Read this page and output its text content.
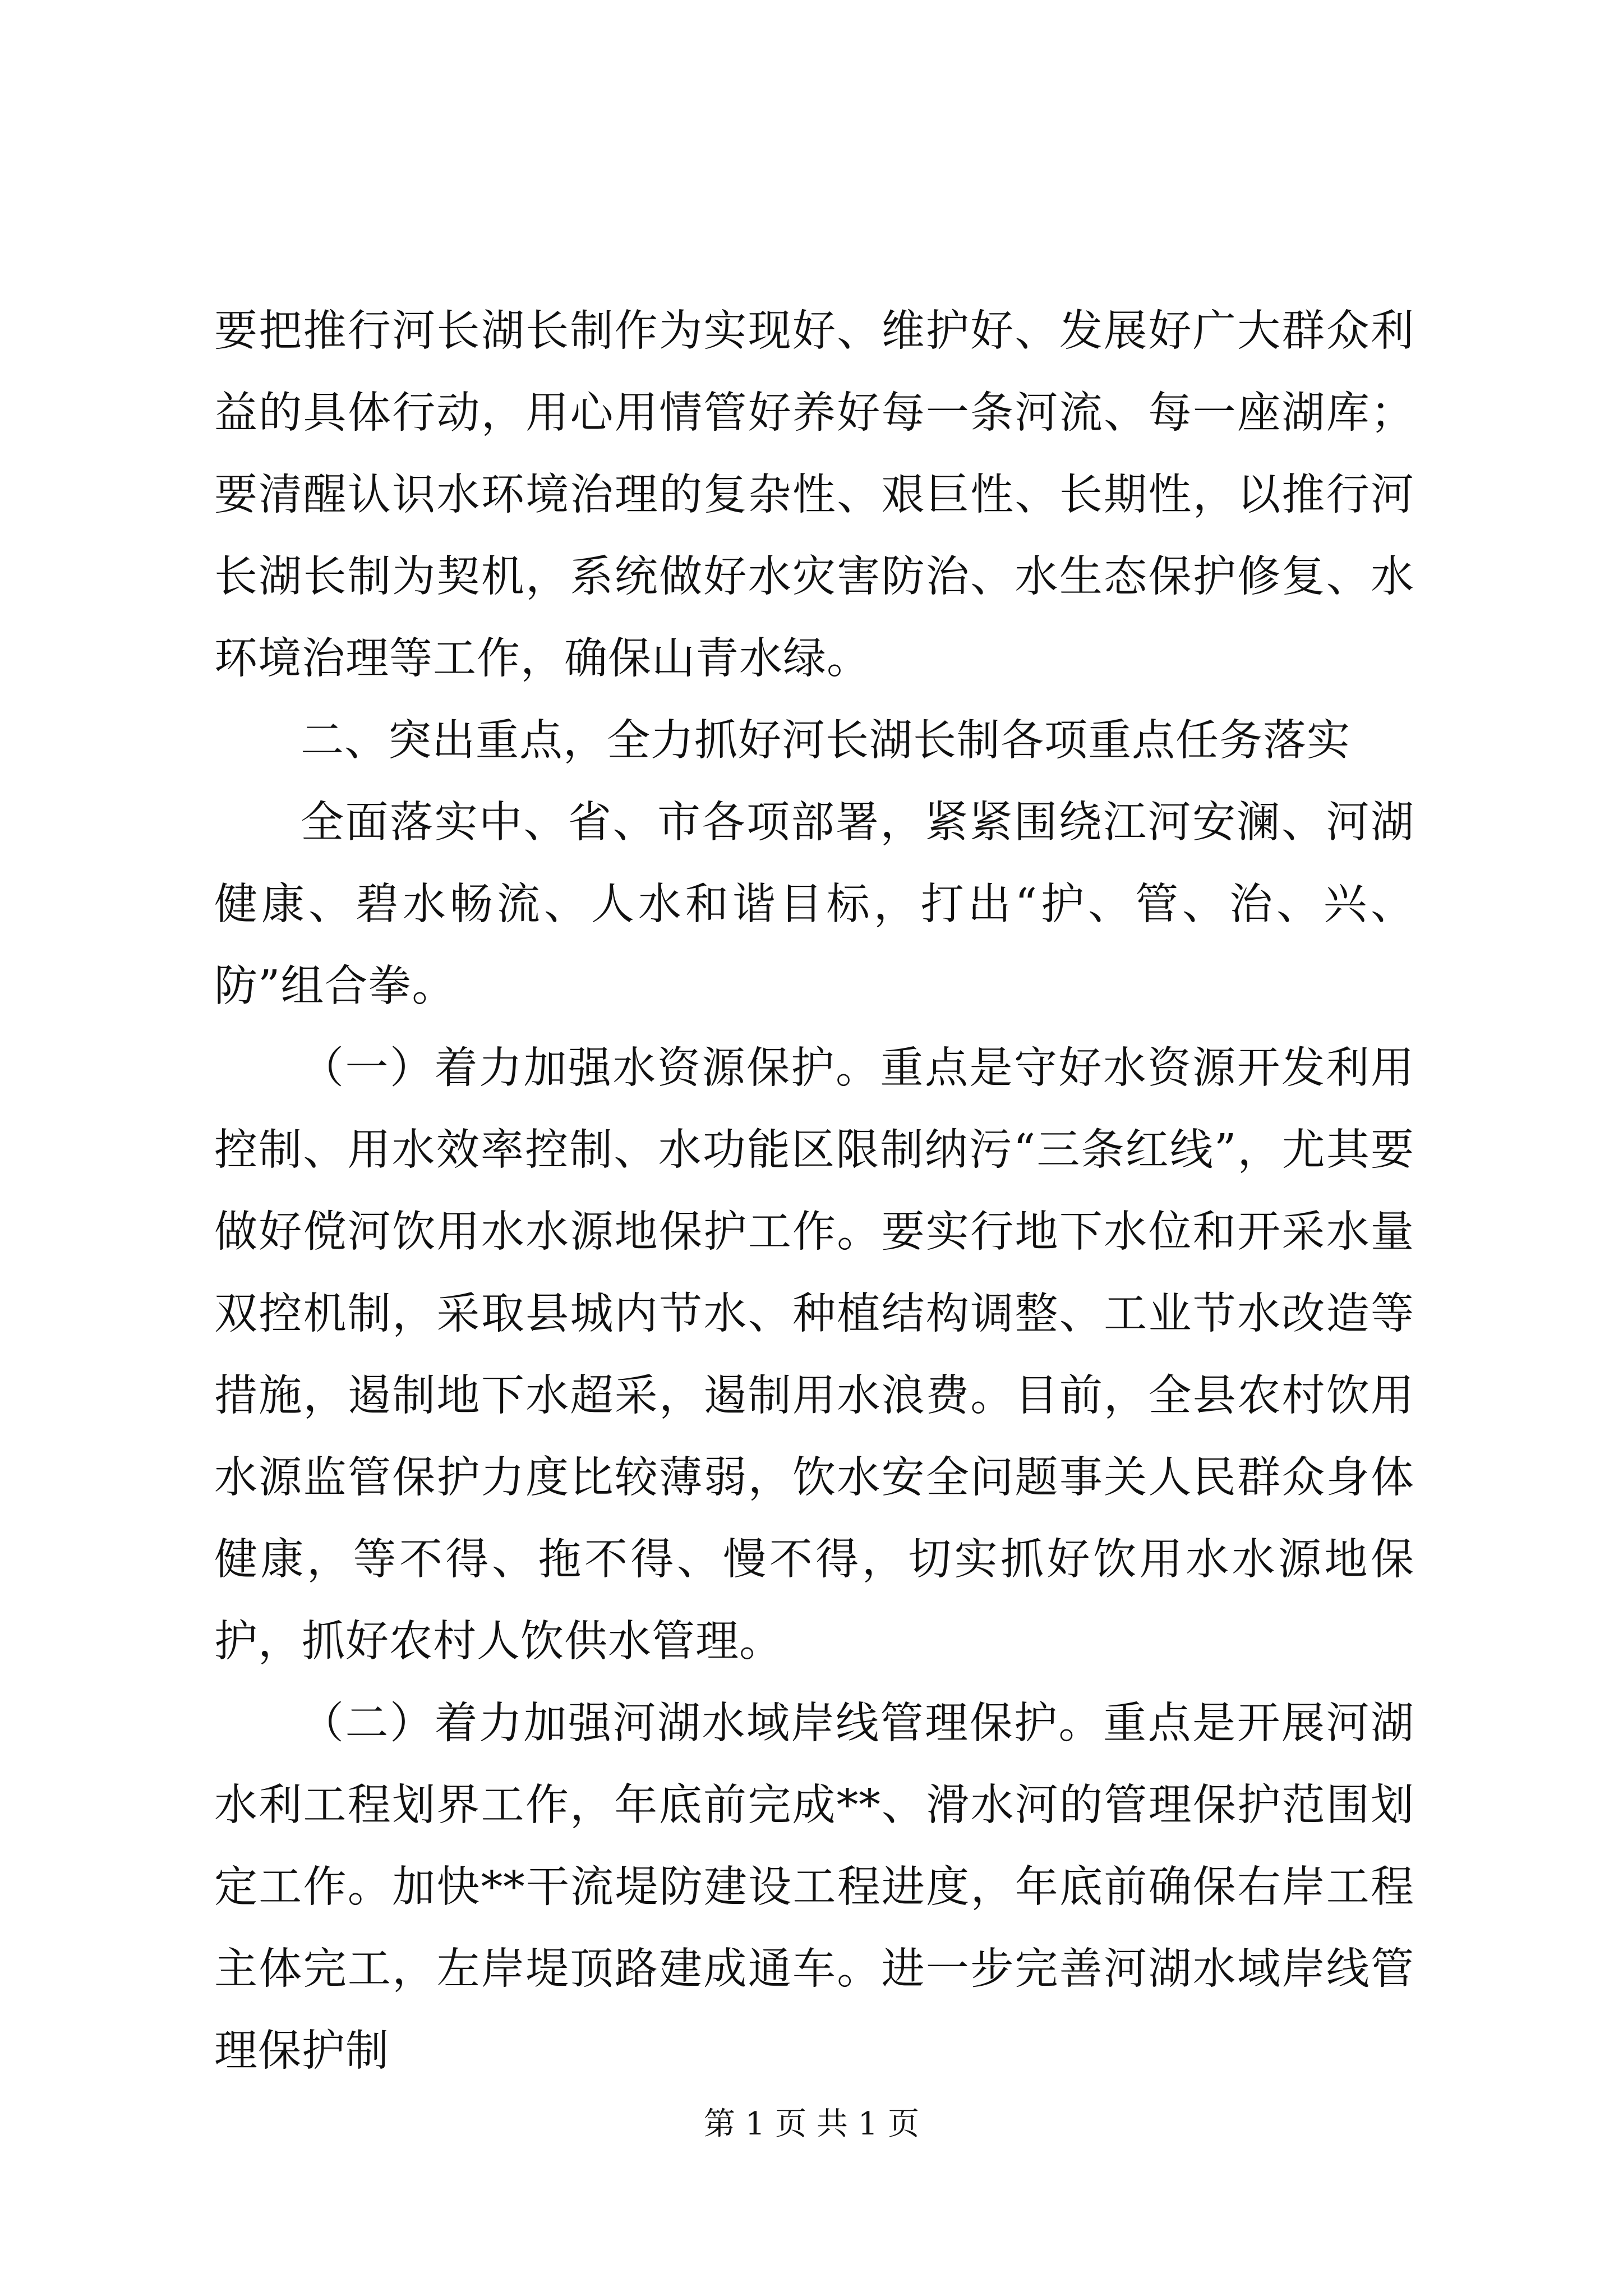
要把推行河长湖长制作为实现好、维护好、发展好广大群众利益的具体行动，用心用情管好养好每一条河流、每一座湖库；要清醒认识水环境治理的复杂性、艰巨性、长期性，以推行河长湖长制为契机，系统做好水灾害防治、水生态保护修复、水环境治理等工作，确保山青水绿。

二、突出重点，全力抓好河长湖长制各项重点任务落实

全面落实中、省、市各项部署，紧紧围绕江河安澜、河湖健康、碧水畅流、人水和谐目标，打出“护、管、治、兴、防”组合拳。

（一）着力加强水资源保护。重点是守好水资源开发利用控制、用水效率控制、水功能区限制纳污“三条红线”，尤其要做好傥河饮用水水源地保护工作。要实行地下水位和开采水量双控机制，采取县城内节水、种植结构调整、工业节水改造等措施，遏制地下水超采，遏制用水浪费。目前，全县农村饮用水源监管保护力度比较薄弱，饮水安全问题事关人民群众身体健康，等不得、拖不得、慢不得，切实抓好饮用水水源地保护，抓好农村人饮供水管理。

（二）着力加强河湖水域岸线管理保护。重点是开展河湖水利工程划界工作，年底前完成**、滑水河的管理保护范围划定工作。加快**干流堤防建设工程进度，年底前确保右岸工程主体完工，左岸堤顶路建成通车。进一步完善河湖水域岸线管理保护制

第 1 页 共 1 页
